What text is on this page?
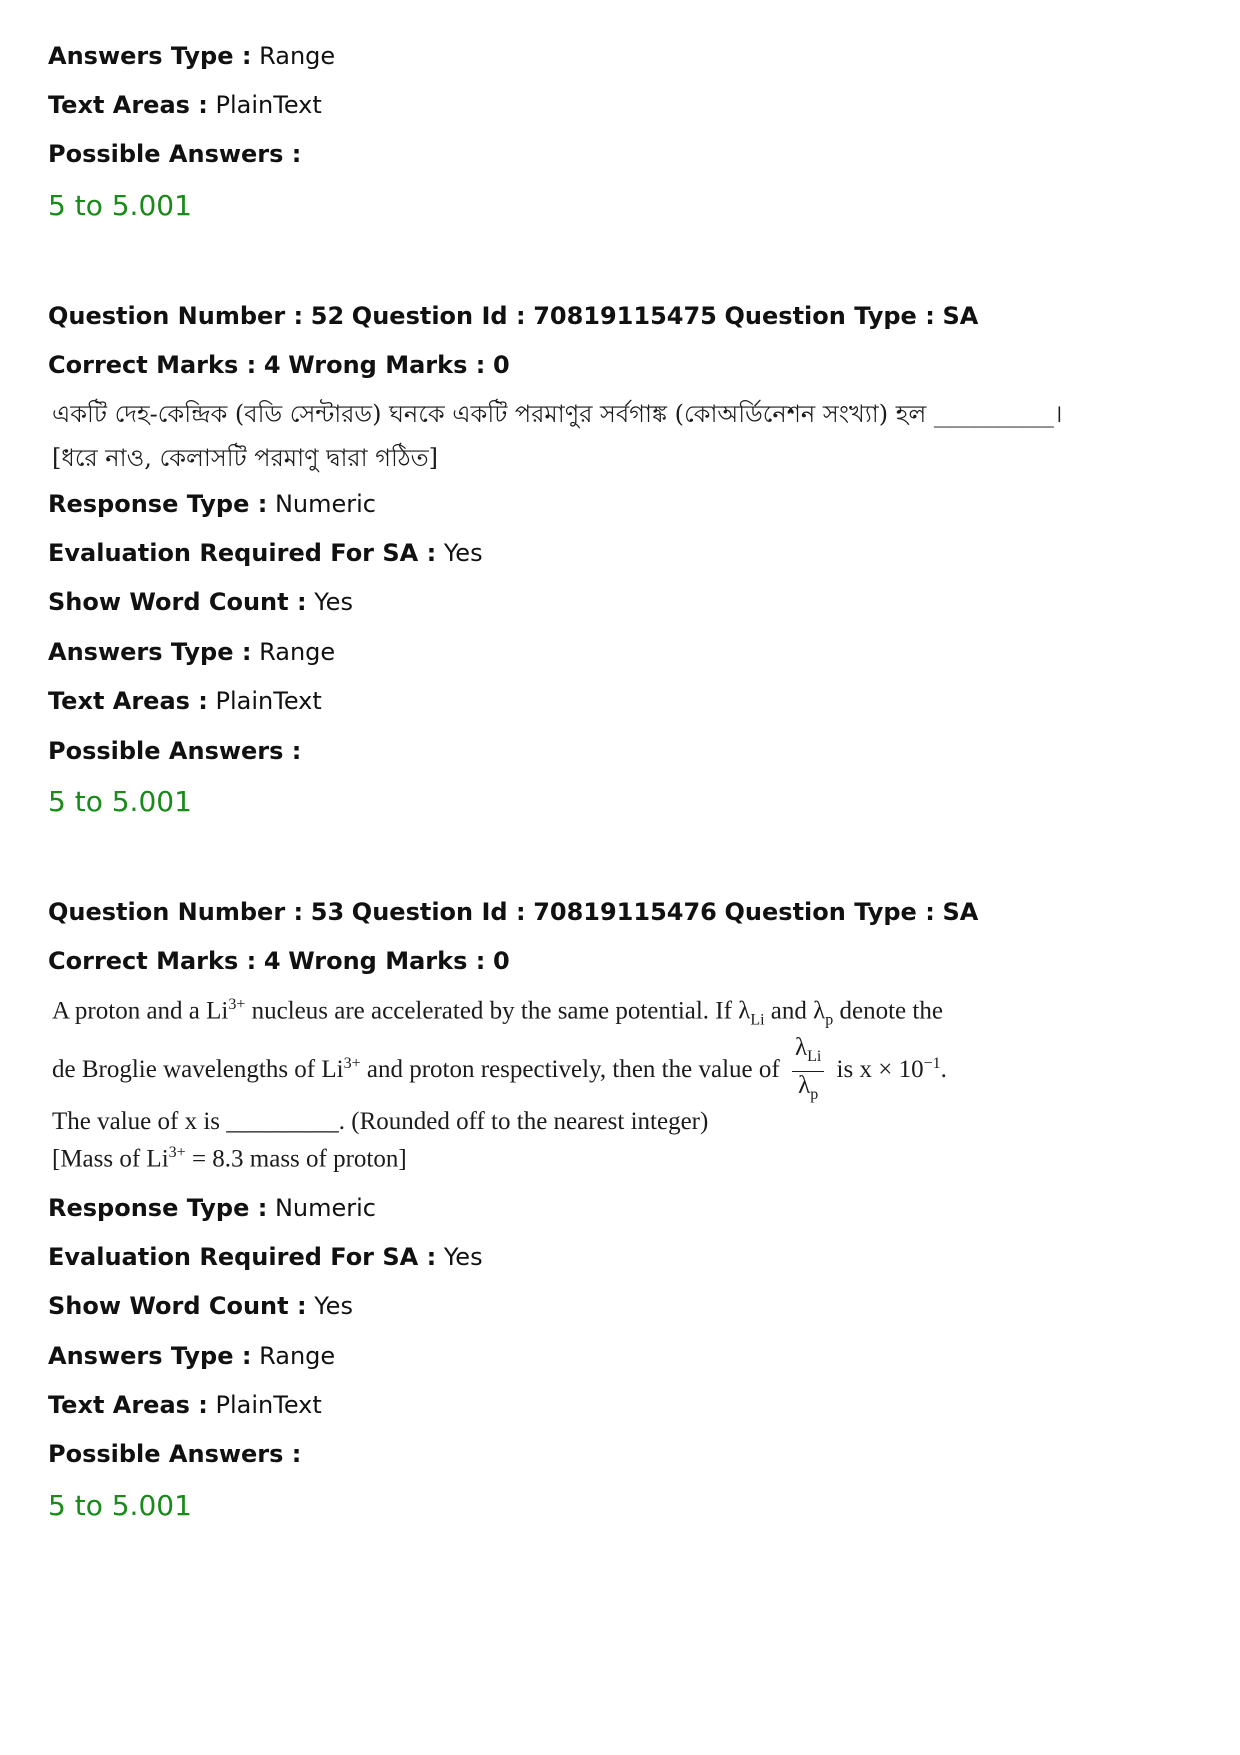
Answers Type : Range
Text Areas : PlainText
Possible Answers :
5 to 5.001
Question Number : 52 Question Id : 70819115475 Question Type : SA
Correct Marks : 4 Wrong Marks : 0
একটি দেহ-কেন্দ্রিক (বডি সেন্টারড) ঘনকে একটি পরমাণুর সর্বগাঙ্ক (কোঅর্ডিনেশন সংখ্যা) হল __________।
[ধরে নাও, কেলাসটি পরমাণু দ্বারা গঠিত]
Response Type : Numeric
Evaluation Required For SA : Yes
Show Word Count : Yes
Answers Type : Range
Text Areas : PlainText
Possible Answers :
5 to 5.001
Question Number : 53 Question Id : 70819115476 Question Type : SA
Correct Marks : 4 Wrong Marks : 0
A proton and a $Li^{3+}$ nucleus are accelerated by the same potential. If $\lambda_{Li}$ and $\lambda_p$ denote the
de Broglie wavelengths of $Li^{3+}$ and proton respectively, then the value of $\frac{\lambda_{Li}}{\lambda_p}$ is $x \times 10^{-1}$.
The value of x is _________. (Rounded off to the nearest integer)
[Mass of $Li^{3+} = 8.3$ mass of proton]
Response Type : Numeric
Evaluation Required For SA : Yes
Show Word Count : Yes
Answers Type : Range
Text Areas : PlainText
Possible Answers :
5 to 5.001
